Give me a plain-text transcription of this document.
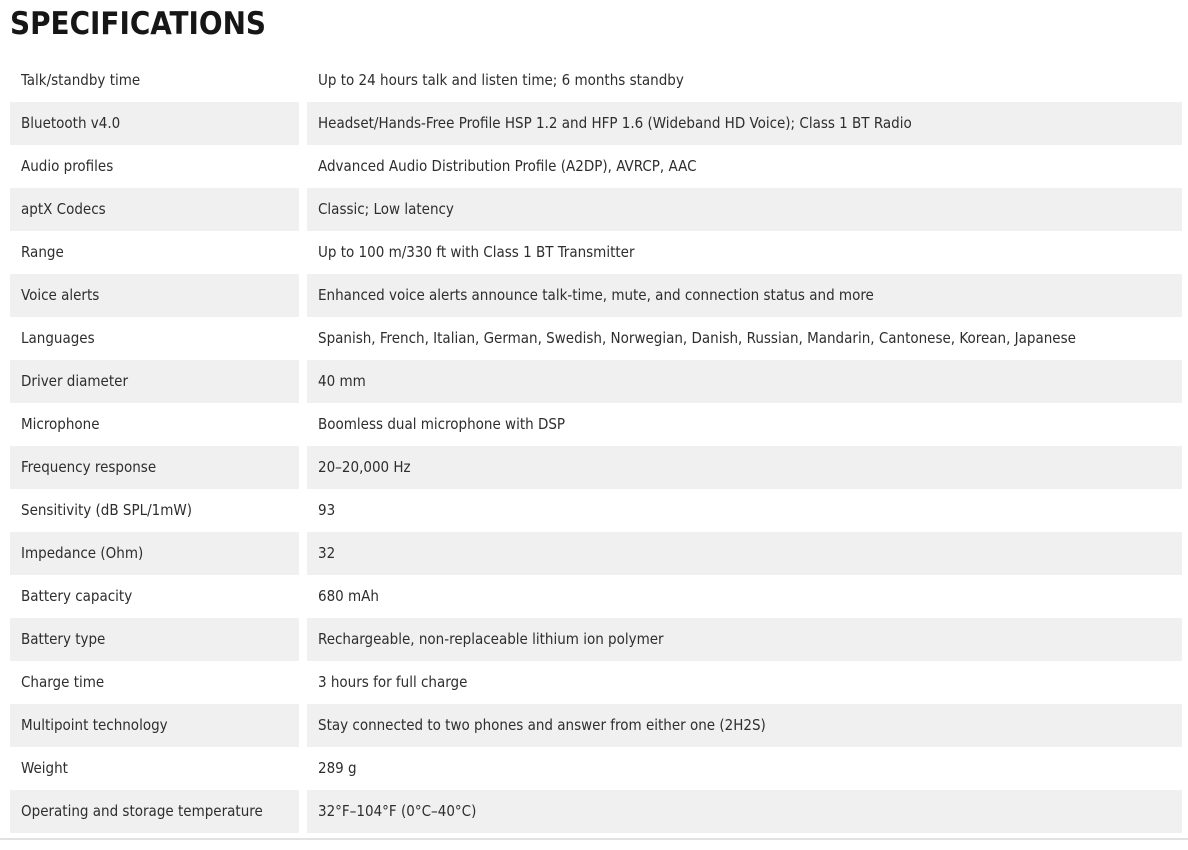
SPECIFICATIONS
Talk/standby time	Up to 24 hours talk and listen time; 6 months standby
Bluetooth v4.0	Headset/Hands-Free Profile HSP 1.2 and HFP 1.6 (Wideband HD Voice); Class 1 BT Radio
Audio profiles	Advanced Audio Distribution Profile (A2DP), AVRCP, AAC
aptX Codecs	Classic; Low latency
Range	Up to 100 m/330 ft with Class 1 BT Transmitter
Voice alerts	Enhanced voice alerts announce talk-time, mute, and connection status and more
Languages	Spanish, French, Italian, German, Swedish, Norwegian, Danish, Russian, Mandarin, Cantonese, Korean, Japanese
Driver diameter	40 mm
Microphone	Boomless dual microphone with DSP
Frequency response	20–20,000 Hz
Sensitivity (dB SPL/1mW)	93
Impedance (Ohm)	32
Battery capacity	680 mAh
Battery type	Rechargeable, non-replaceable lithium ion polymer
Charge time	3 hours for full charge
Multipoint technology	Stay connected to two phones and answer from either one (2H2S)
Weight	289 g
Operating and storage temperature	32°F–104°F (0°C–40°C)
